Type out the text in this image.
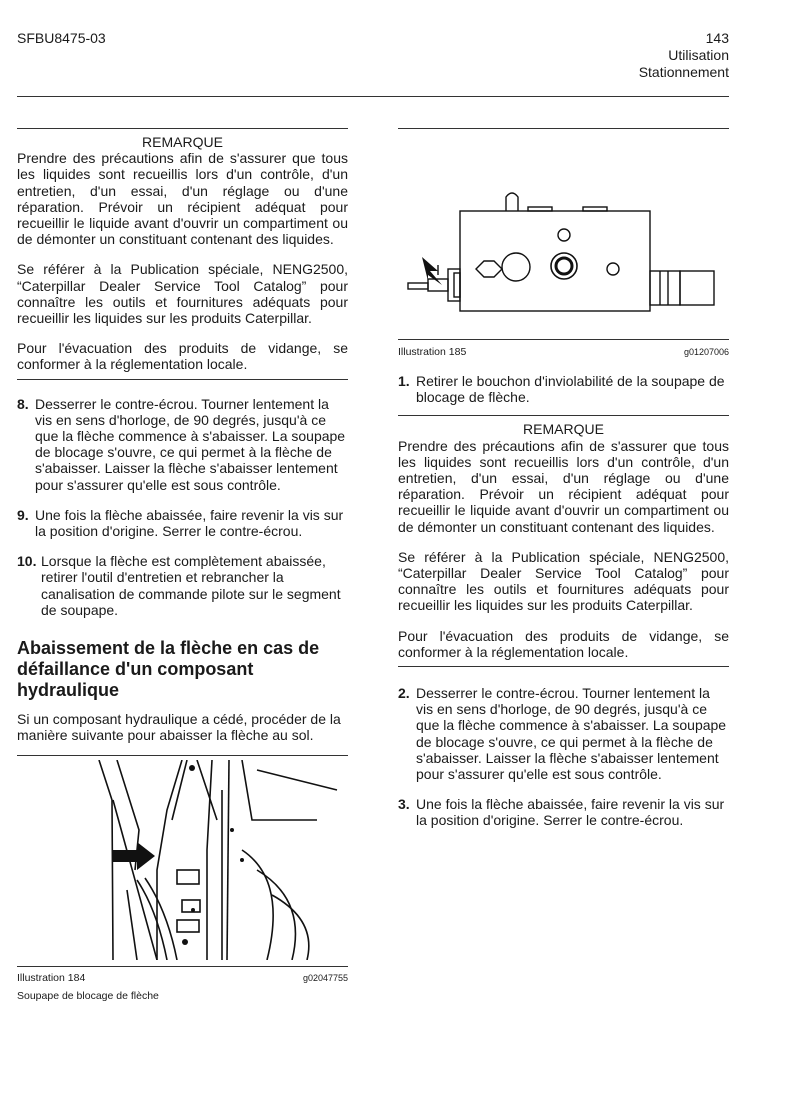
SFBU8475-03	143
Utilisation
Stationnement
REMARQUE

Prendre des précautions afin de s'assurer que tous les liquides sont recueillis lors d'un contrôle, d'un entretien, d'un essai, d'un réglage ou d'une réparation. Prévoir un récipient adéquat pour recueillir le liquide avant d'ouvrir un compartiment ou de démonter un constituant contenant des liquides.

Se référer à la Publication spéciale, NENG2500, “Caterpillar Dealer Service Tool Catalog” pour connaître les outils et fournitures adéquats pour recueillir les liquides sur les produits Caterpillar.

Pour l'évacuation des produits de vidange, se conformer à la réglementation locale.

8. Desserrer le contre-écrou. Tourner lentement la vis en sens d'horloge, de 90 degrés, jusqu'à ce que la flèche commence à s'abaisser. La soupape de blocage s'ouvre, ce qui permet à la flèche de s'abaisser. Laisser la flèche s'abaisser lentement pour s'assurer qu'elle est sous contrôle.
9. Une fois la flèche abaissée, faire revenir la vis sur la position d'origine. Serrer le contre-écrou.
10. Lorsque la flèche est complètement abaissée, retirer l'outil d'entretien et rebrancher la canalisation de commande pilote sur le segment de soupape.
Abaissement de la flèche en cas de défaillance d'un composant hydraulique

Si un composant hydraulique a cédé, procéder de la manière suivante pour abaisser la flèche au sol.

Illustration 184	g02047755
Soupape de blocage de flèche
Illustration 185	g01207006
1. Retirer le bouchon d'inviolabilité de la soupape de blocage de flèche.
REMARQUE

Prendre des précautions afin de s'assurer que tous les liquides sont recueillis lors d'un contrôle, d'un entretien, d'un essai, d'un réglage ou d'une réparation. Prévoir un récipient adéquat pour recueillir le liquide avant d'ouvrir un compartiment ou de démonter un constituant contenant des liquides.

Se référer à la Publication spéciale, NENG2500, “Caterpillar Dealer Service Tool Catalog” pour connaître les outils et fournitures adéquats pour recueillir les liquides sur les produits Caterpillar.

Pour l'évacuation des produits de vidange, se conformer à la réglementation locale.

2. Desserrer le contre-écrou. Tourner lentement la vis en sens d'horloge, de 90 degrés, jusqu'à ce que la flèche commence à s'abaisser. La soupape de blocage s'ouvre, ce qui permet à la flèche de s'abaisser. Laisser la flèche s'abaisser lentement pour s'assurer qu'elle est sous contrôle.
3. Une fois la flèche abaissée, faire revenir la vis sur la position d'origine. Serrer le contre-écrou.
